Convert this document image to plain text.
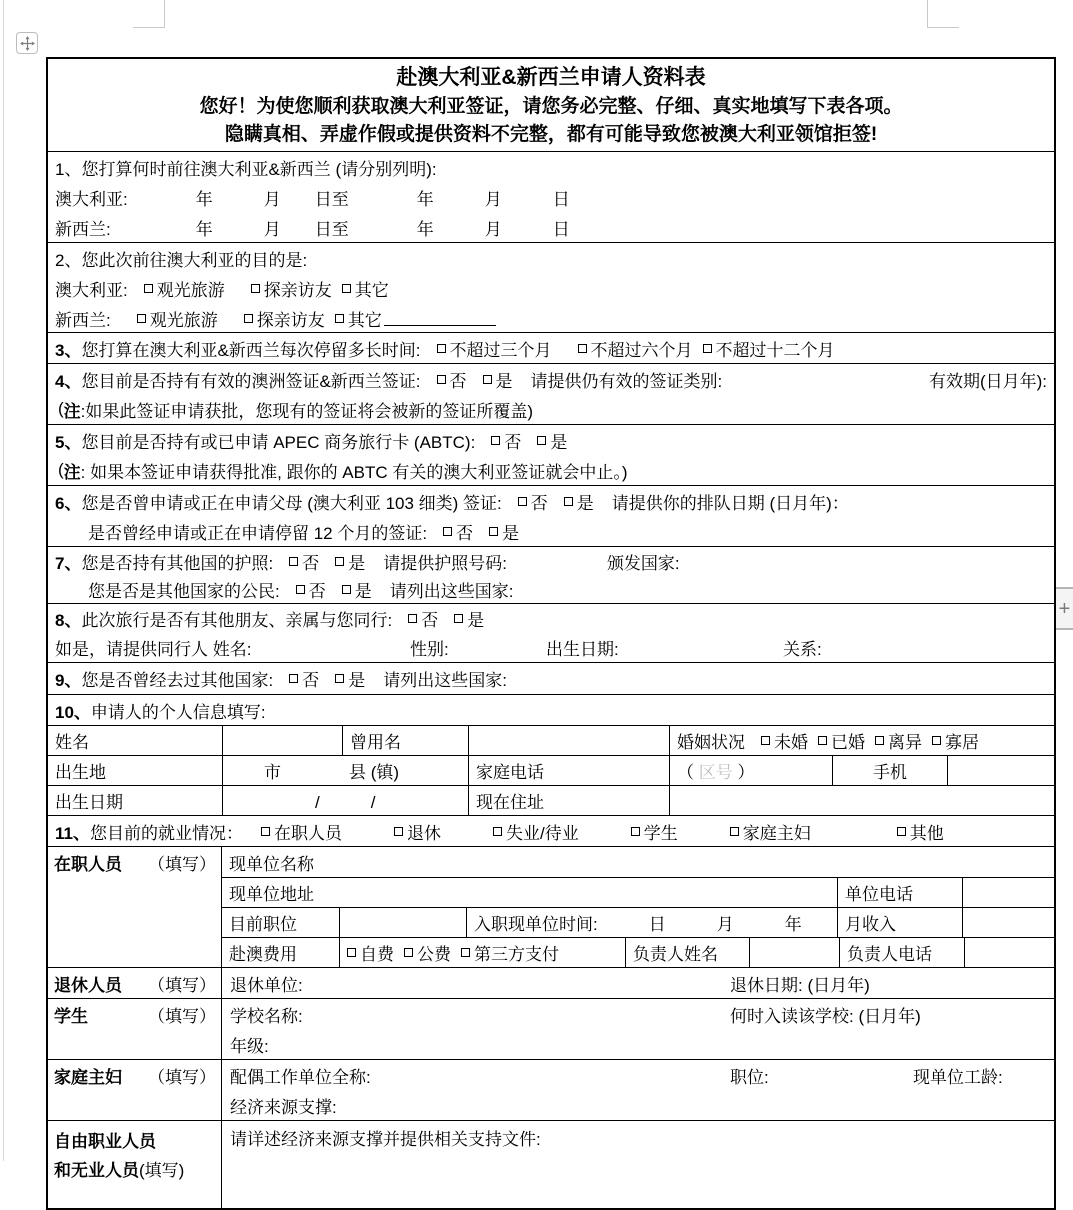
+
赴澳大利亚&新西兰申请人资料表
您好！为使您顺利获取澳大利亚签证，请您务必完整、仔细、真实地填写下表各项。
隐瞒真相、弄虚作假或提供资料不完整，都有可能导致您被澳大利亚领馆拒签!
1、 您打算何时前往澳大利亚&新西兰 (请分别列明):
澳大利亚:　　　　年　　　月　　日至　　　　年　　　月　　　日
新西兰:　　　　　年　　　月　　日至　　　　年　　　月　　　日
2、 您此次前往澳大利亚的目的是:
澳大利亚: 观光旅游 探亲访友 其它
新西兰: 观光旅游 探亲访友 其它
3、 您打算在澳大利亚&新西兰每次停留多长时间: 不超过三个月 不超过六个月 不超过十二个月
4、 您目前是否持有有效的澳洲签证&新西兰签证: 否 是 请提供仍有效的签证类别:	有效期(日月年):
( 注 :如果此签证申请获批，您现有的签证将会被新的签证所覆盖)
5、 您目前是否持有或已申请 APEC 商务旅行卡 (ABTC): 否 是
( 注 : 如果本签证申请获得批准, 跟你的 ABTC 有关的澳大利亚签证就会中止。)
6、 您是否曾申请或正在申请父母 (澳大利亚 103 细类) 签证: 否 是 请提供你的排队日期 (日月年)：
是否曾经申请或正在申请停留 12 个月的签证: 否 是
7、 您是否持有其他国的护照: 否 是 请提供护照号码:	颁发国家:
您是否是其他国家的公民: 否 是 请列出这些国家:
8、 此次旅行是否有其他朋友、亲属与您同行: 否 是
如是，请提供同行人 姓名:	性别:	出生日期:	关系:
9、 您是否曾经去过其他国家: 否 是 请列出这些国家:
10、 申请人的个人信息填写:
姓名	曾用名	婚姻状况 未婚 已婚 离异 寡居
出生地	　　市　　　　县 (镇)	家庭电话	（ 区号 ）	手机
出生日期	　　　　　/　　　/	现在住址
11、 您目前的就业情况： 在职人员	退休	失业/待业	学生	家庭主妇	其他
在职人员	（填写） 现单位名称
现单位地址	单位电话
目前职位	入职现单位时间:　　　日　　　月　　　年	月收入
赴澳费用	自费 公费 第三方支付	负责人姓名	负责人电话
退休人员	（填写） 退休单位:	退休日期: (日月年)
学生	（填写） 学校名称:	何时入读该学校: (日月年)
年级:
家庭主妇	（填写） 配偶工作单位全称:	职位:	现单位工龄:
经济来源支撑:
自由职业人员
和无业人员 (填写)
请详述经济来源支撑并提供相关支持文件:
